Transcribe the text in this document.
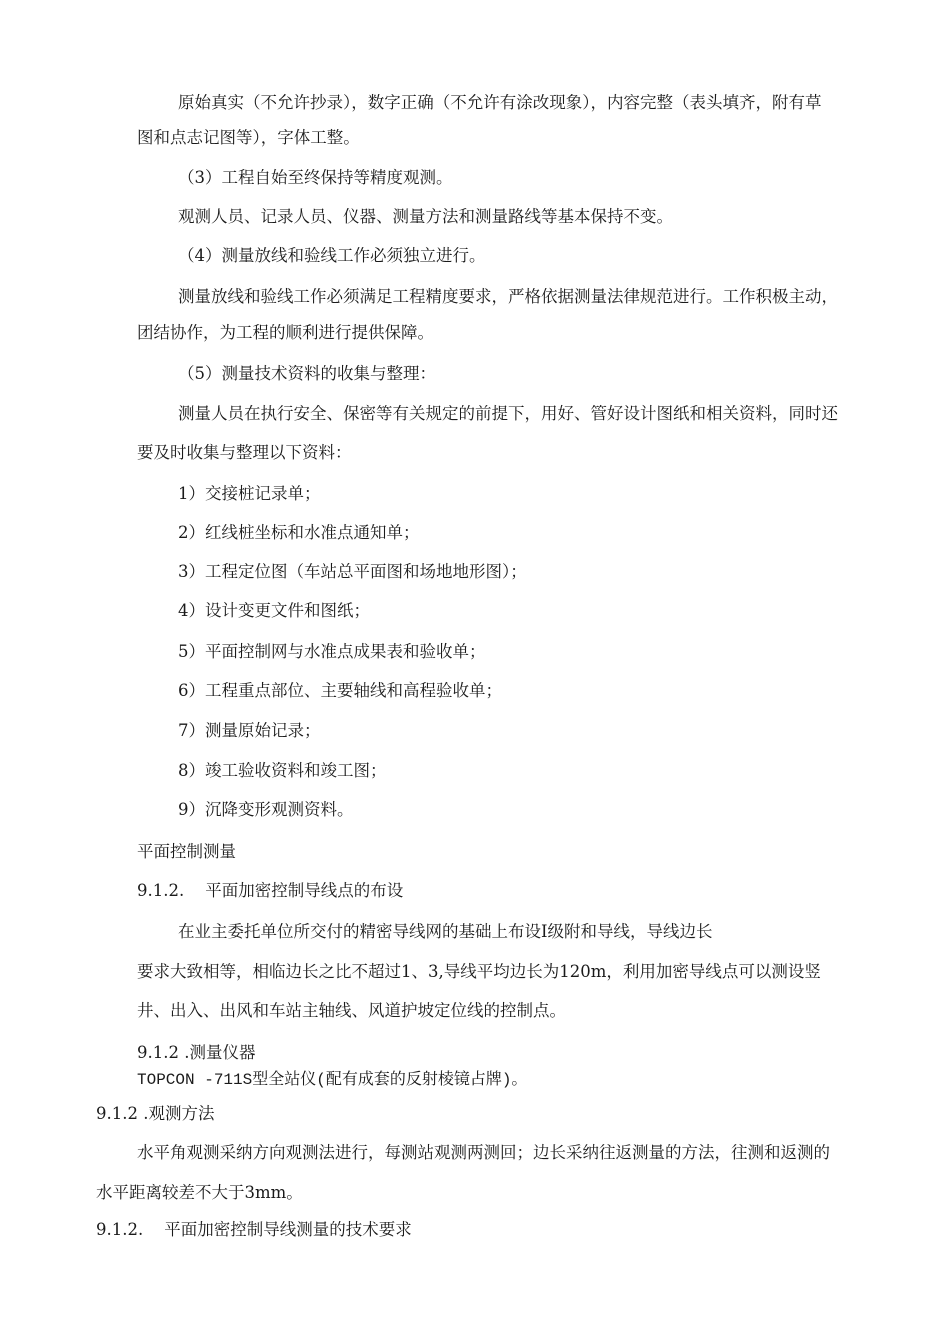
原始真实（不允许抄录），数字正确（不允许有涂改现象），内容完整（表头填齐，附有草
图和点志记图等），字体工整。
（3）工程自始至终保持等精度观测。
观测人员、记录人员、仪器、测量方法和测量路线等基本保持不变。
（4）测量放线和验线工作必须独立进行。
测量放线和验线工作必须满足工程精度要求，严格依据测量法律规范进行。工作积极主动，
团结协作，为工程的顺利进行提供保障。
（5）测量技术资料的收集与整理：
测量人员在执行安全、保密等有关规定的前提下，用好、管好设计图纸和相关资料，同时还
要及时收集与整理以下资料：
1）交接桩记录单；
2）红线桩坐标和水准点通知单；
3）工程定位图（车站总平面图和场地地形图）；
4）设计变更文件和图纸；
5）平面控制网与水准点成果表和验收单；
6）工程重点部位、主要轴线和高程验收单；
7）测量原始记录；
8）竣工验收资料和竣工图；
9）沉降变形观测资料。
平面控制测量
9.1.2.    平面加密控制导线点的布设
在业主委托单位所交付的精密导线网的基础上布设Ⅰ级附和导线，导线边长
要求大致相等，相临边长之比不超过1、3,导线平均边长为120m，利用加密导线点可以测设竖
井、出入、出风和车站主轴线、风道护坡定位线的控制点。
9.1.2 .测量仪器
TOPCON -711S型全站仪(配有成套的反射棱镜占牌)。
9.1.2 .观测方法
水平角观测采纳方向观测法进行，每测站观测两测回；边长采纳往返测量的方法，往测和返测的
水平距离较差不大于3mm。
9.1.2.    平面加密控制导线测量的技术要求
